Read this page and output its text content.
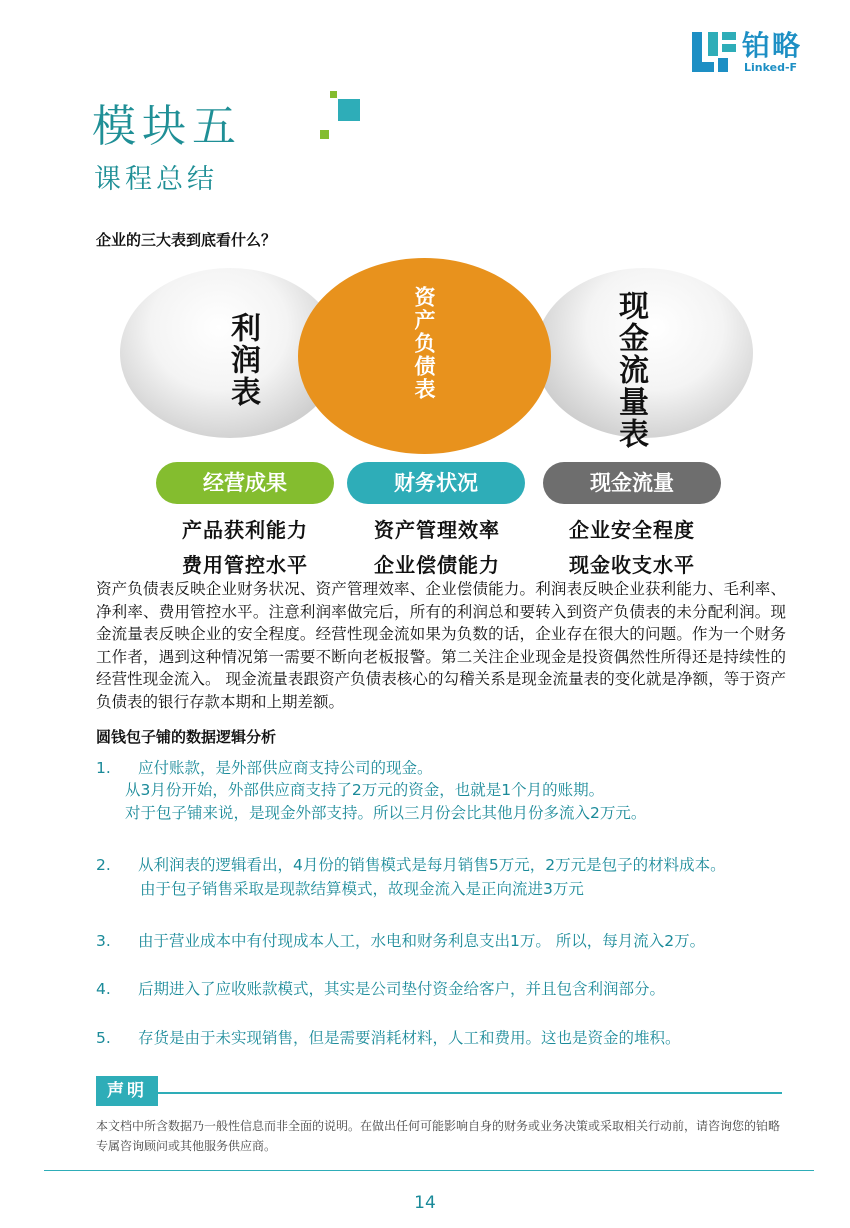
铂略
Linked-F
模块五
课程总结
企业的三大表到底看什么？
利润表	资产负债表	现金流量表
经营成果	财务状况	现金流量
产品获利能力
费用管控水平
资产管理效率
企业偿债能力
企业安全程度
现金收支水平

资产负债表反映企业财务状况、资产管理效率、企业偿债能力。利润表反映企业获利能力、毛利率、净利率、费用管控水平。注意利润率做完后，所有的利润总和要转入到资产负债表的未分配利润。现金流量表反映企业的安全程度。经营性现金流如果为负数的话，企业存在很大的问题。作为一个财务工作者，遇到这种情况第一需要不断向老板报警。第二关注企业现金是投资偶然性所得还是持续性的经营性现金流入。 现金流量表跟资产负债表核心的勾稽关系是现金流量表的变化就是净额，等于资产负债表的银行存款本期和上期差额。

圆钱包子铺的数据逻辑分析
1. 应付账款，是外部供应商支持公司的现金。
从3月份开始，外部供应商支持了2万元的资金，也就是1个月的账期。
对于包子铺来说，是现金外部支持。所以三月份会比其他月份多流入2万元。
2. 从利润表的逻辑看出，4月份的销售模式是每月销售5万元，2万元是包子的材料成本。
由于包子销售采取是现款结算模式，故现金流入是正向流进3万元
3. 由于营业成本中有付现成本人工，水电和财务利息支出1万。 所以，每月流入2万。
4. 后期进入了应收账款模式，其实是公司垫付资金给客户，并且包含利润部分。
5. 存货是由于未实现销售，但是需要消耗材料，人工和费用。这也是资金的堆积。
声明

本文档中所含数据乃一般性信息而非全面的说明。在做出任何可能影响自身的财务或业务决策或采取相关行动前，请咨询您的铂略专属咨询顾问或其他服务供应商。

14
